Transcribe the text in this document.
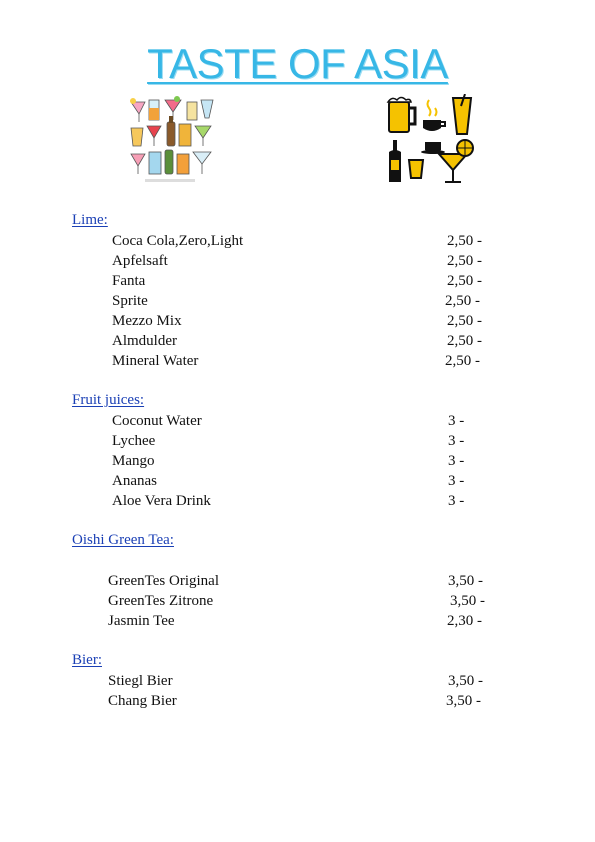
TASTE OF ASIA
Lime:
Coca Cola,Zero,Light	2,50 -
Apfelsaft	2,50 -
Fanta	2,50 -
Sprite	2,50 -
Mezzo Mix	2,50 -
Almdulder	2,50 -
Mineral Water	2,50 -
Fruit juices:
Coconut Water	3 -
Lychee	3 -
Mango	3 -
Ananas	3 -
Aloe Vera Drink	3 -
Oishi Green Tea:
GreenTes Original	3,50 -
GreenTes Zitrone	3,50 -
Jasmin Tee	2,30 -
Bier:
Stiegl Bier	3,50 -
Chang Bier	3,50 -
